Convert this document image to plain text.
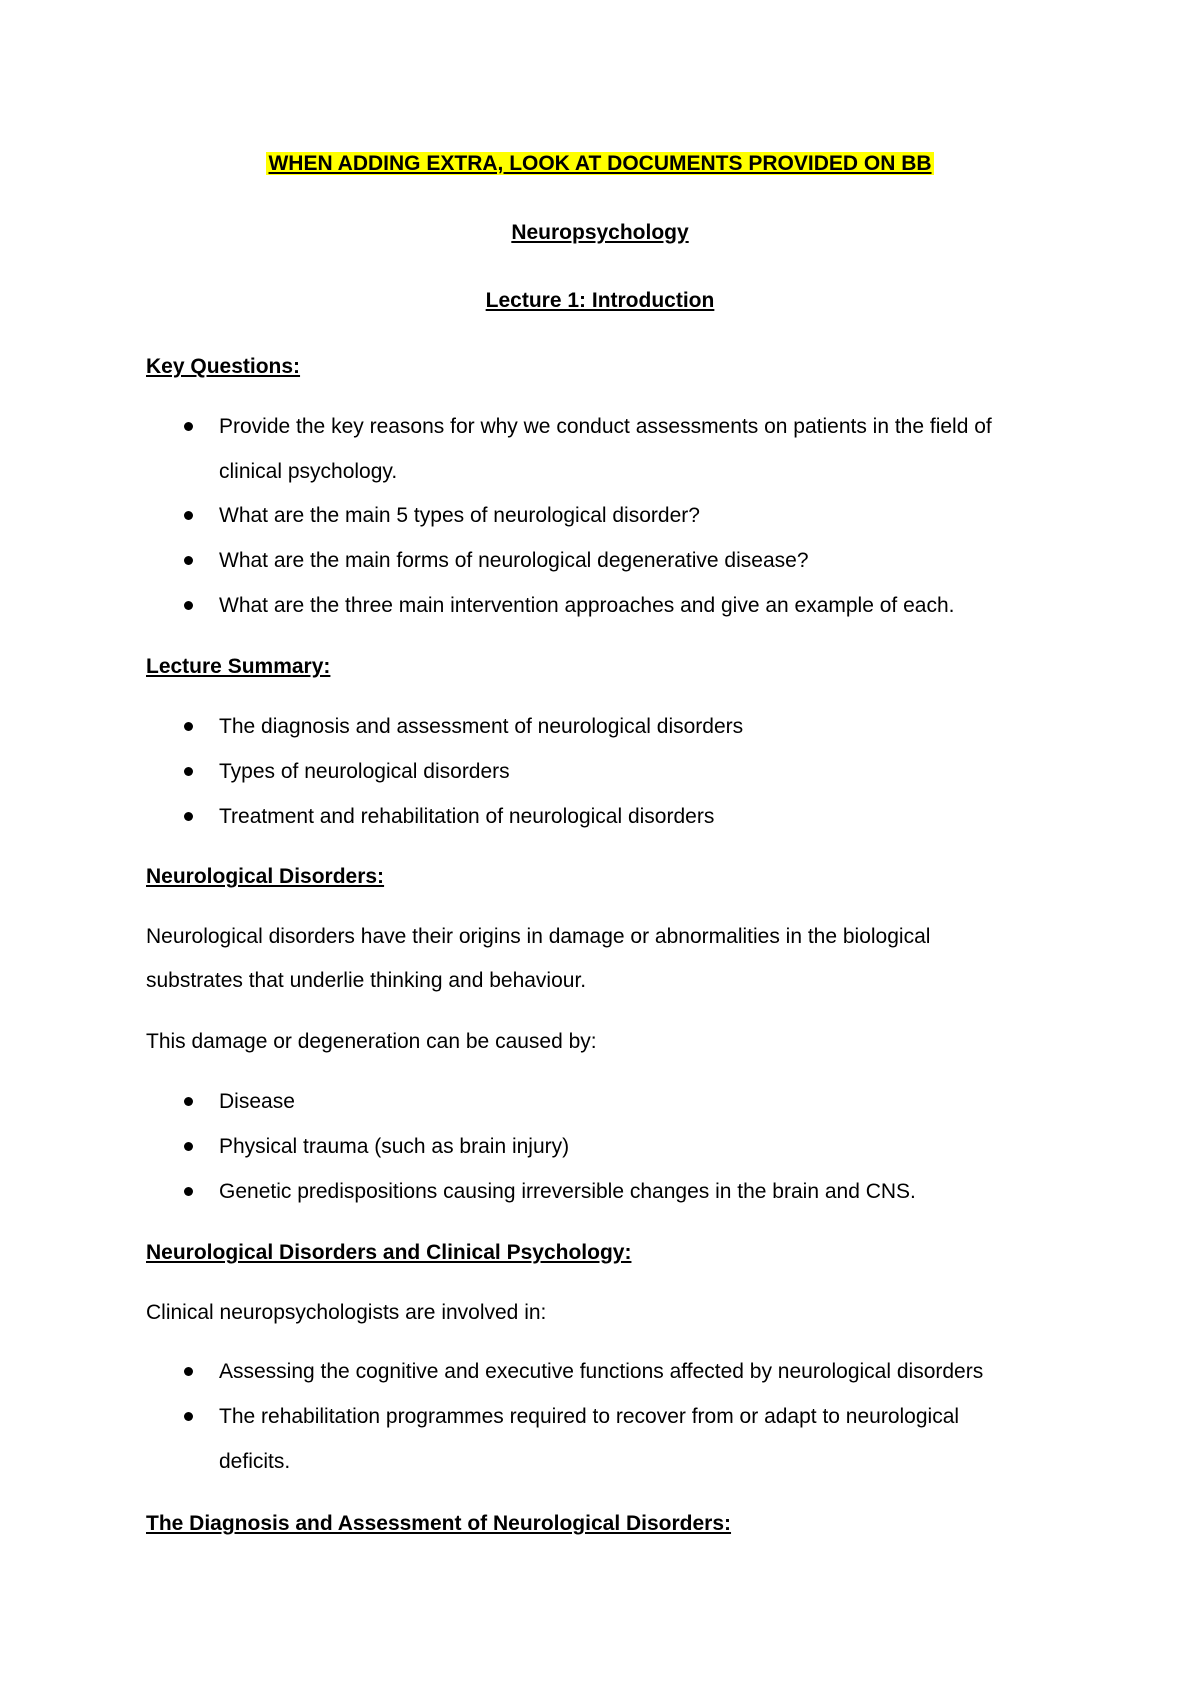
WHEN ADDING EXTRA, LOOK AT DOCUMENTS PROVIDED ON BB
Neuropsychology
Lecture 1: Introduction
Key Questions:
Provide the key reasons for why we conduct assessments on patients in the field of
clinical psychology.
What are the main 5 types of neurological disorder?
What are the main forms of neurological degenerative disease?
What are the three main intervention approaches and give an example of each.
Lecture Summary:
The diagnosis and assessment of neurological disorders
Types of neurological disorders
Treatment and rehabilitation of neurological disorders
Neurological Disorders:
Neurological disorders have their origins in damage or abnormalities in the biological
substrates that underlie thinking and behaviour.
This damage or degeneration can be caused by:
Disease
Physical trauma (such as brain injury)
Genetic predispositions causing irreversible changes in the brain and CNS.
Neurological Disorders and Clinical Psychology:
Clinical neuropsychologists are involved in:
Assessing the cognitive and executive functions affected by neurological disorders
The rehabilitation programmes required to recover from or adapt to neurological
deficits.
The Diagnosis and Assessment of Neurological Disorders:
